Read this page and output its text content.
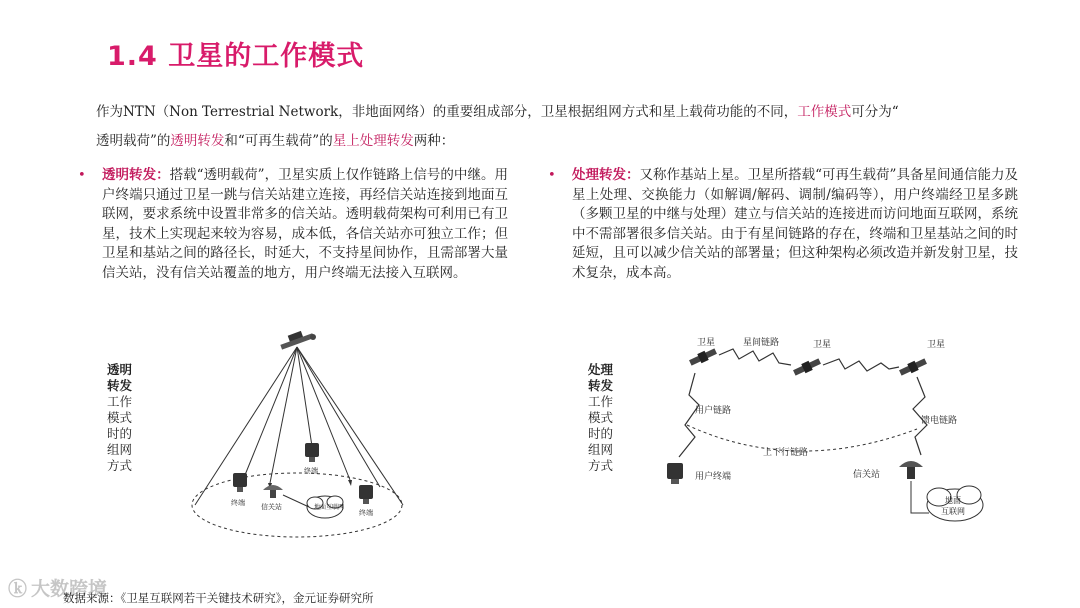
1.4 卫星的工作模式
作为NTN（Non Terrestrial Network，非地面网络）的重要组成部分，卫星根据组网方式和星上载荷功能的不同，工作模式可分为“
透明载荷”的透明转发和“可再生载荷”的星上处理转发两种：
• 透明转发：搭载“透明载荷”，卫星实质上仅作链路上信号的中继。用户终端只通过卫星一跳与信关站建立连接，再经信关站连接到地面互联网，要求系统中设置非常多的信关站。透明载荷架构可利用已有卫星，技术上实现起来较为容易，成本低，各信关站亦可独立工作；但卫星和基站之间的路径长，时延大，不支持星间协作，且需部署大量信关站，没有信关站覆盖的地方，用户终端无法接入互联网。
• 处理转发：又称作基站上星。卫星所搭载“可再生载荷”具备星间通信能力及星上处理、交换能力（如解调/解码、调制/编码等），用户终端经卫星多跳（多颗卫星的中继与处理）建立与信关站的连接进而访问地面互联网，系统中不需部署很多信关站。由于有星间链路的存在，终端和卫星基站之间的时延短，且可以减少信关站的部署量；但这种架构必须改造并新发射卫星，技术复杂，成本高。
透明转发工作模式时的组网方式
处理转发工作模式时的组网方式
终端
终端
终端
信关站	地面互联网
卫星	星间链路	卫星	卫星
用户链路
馈电链路
上下行链路
用户终端	信关站
地面
互联网
ⓚ 大数跨境
数据来源：《卫星互联网若干关键技术研究》，金元证券研究所
